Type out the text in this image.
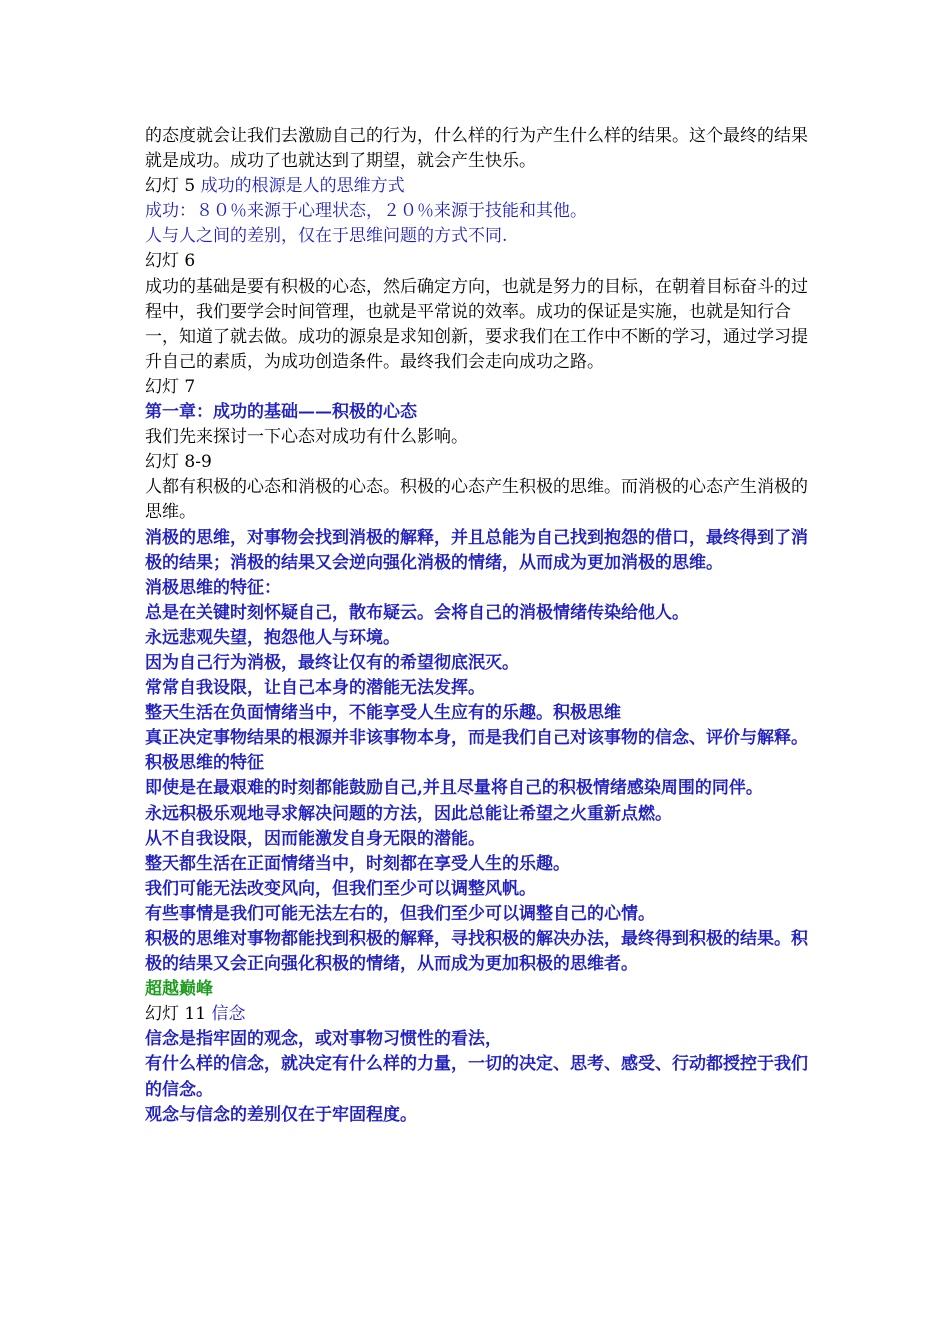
的态度就会让我们去激励自己的行为，什么样的行为产生什么样的结果。这个最终的结果就是成功。成功了也就达到了期望，就会产生快乐。

幻灯 5 成功的根源是人的思维方式

成功：８０％来源于心理状态，２０％来源于技能和其他。

人与人之间的差别，仅在于思维问题的方式不同.

幻灯 6

成功的基础是要有积极的心态，然后确定方向，也就是努力的目标，在朝着目标奋斗的过程中，我们要学会时间管理，也就是平常说的效率。成功的保证是实施，也就是知行合一，知道了就去做。成功的源泉是求知创新，要求我们在工作中不断的学习，通过学习提升自己的素质，为成功创造条件。最终我们会走向成功之路。

幻灯 7

第一章：成功的基础——积极的心态

我们先来探讨一下心态对成功有什么影响。

幻灯 8-9

人都有积极的心态和消极的心态。积极的心态产生积极的思维。而消极的心态产生消极的思维。

消极的思维，对事物会找到消极的解释，并且总能为自己找到抱怨的借口，最终得到了消极的结果；消极的结果又会逆向强化消极的情绪，从而成为更加消极的思维。

消极思维的特征：

总是在关键时刻怀疑自己，散布疑云。会将自己的消极情绪传染给他人。

永远悲观失望，抱怨他人与环境。

因为自己行为消极，最终让仅有的希望彻底泯灭。

常常自我设限，让自己本身的潜能无法发挥。

整天生活在负面情绪当中，不能享受人生应有的乐趣。积极思维

真正决定事物结果的根源并非该事物本身，而是我们自己对该事物的信念、评价与解释。

积极思维的特征

即使是在最艰难的时刻都能鼓励自己,并且尽量将自己的积极情绪感染周围的同伴。

永远积极乐观地寻求解决问题的方法，因此总能让希望之火重新点燃。

从不自我设限，因而能激发自身无限的潜能。

整天都生活在正面情绪当中，时刻都在享受人生的乐趣。

我们可能无法改变风向，但我们至少可以调整风帆。

有些事情是我们可能无法左右的，但我们至少可以调整自己的心情。

积极的思维对事物都能找到积极的解释，寻找积极的解决办法，最终得到积极的结果。积极的结果又会正向强化积极的情绪，从而成为更加积极的思维者。

超越巅峰

幻灯 11 信念

信念是指牢固的观念，或对事物习惯性的看法，

有什么样的信念，就决定有什么样的力量，一切的决定、思考、感受、行动都授控于我们的信念。

观念与信念的差别仅在于牢固程度。
